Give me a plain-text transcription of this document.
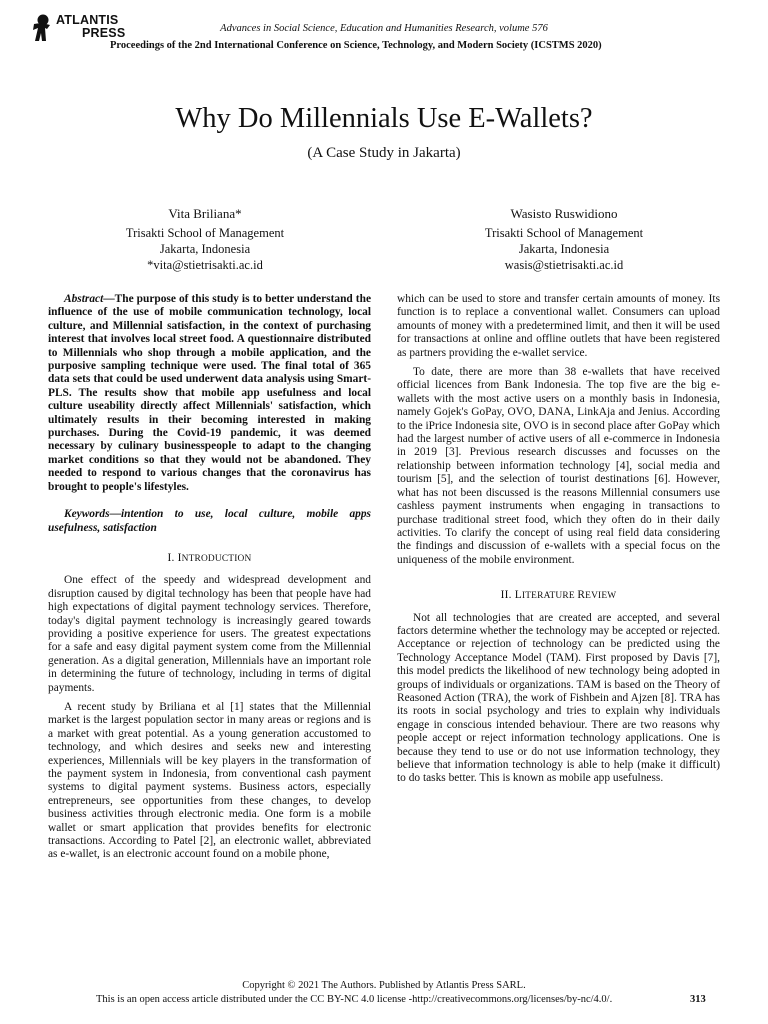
ATLANTIS
PRESS	Advances in Social Science, Education and Humanities Research, volume 576
Proceedings of the 2nd International Conference on Science, Technology, and Modern Society (ICSTMS 2020)
Why Do Millennials Use E-Wallets?
(A Case Study in Jakarta)
Vita Briliana*
Trisakti School of Management
Jakarta, Indonesia
*vita@stietrisakti.ac.id
Wasisto Ruswidiono
Trisakti School of Management
Jakarta, Indonesia
wasis@stietrisakti.ac.id

Abstract—The purpose of this study is to better understand the influence of the use of mobile communication technology, local culture, and Millennial satisfaction, in the context of purchasing interest that involves local street food. A questionnaire distributed to Millennials who shop through a mobile application, and the purposive sampling technique were used. The final total of 365 data sets that could be used underwent data analysis using Smart-PLS. The results show that mobile app usefulness and local culture useability directly affect Millennials' satisfaction, which ultimately results in their becoming interested in making purchases. During the Covid-19 pandemic, it was deemed necessary by culinary businesspeople to adapt to the changing market conditions so that they would not be abandoned. They needed to respond to various changes that the coronavirus has brought to people's lifestyles.

Keywords—intention to use, local culture, mobile apps usefulness, satisfaction

I. INTRODUCTION

One effect of the speedy and widespread development and disruption caused by digital technology has been that people have had high expectations of digital payment technology services. Therefore, today's digital payment technology is increasingly geared towards providing a positive experience for users. The greatest expectations for a safe and easy digital payment system come from the Millennial generation. As a digital generation, Millennials have an important role in determining the future of technology, including in terms of digital payments.

A recent study by Briliana et al [1] states that the Millennial market is the largest population sector in many areas or regions and is a market with great potential. As a young generation accustomed to technology, and which desires and seeks new and interesting experiences, Millennials will be key players in the transformation of the payment system in Indonesia, from conventional cash payment systems to digital payment systems. Business actors, especially entrepreneurs, see opportunities from these changes, to develop business activities through electronic media. One form is a mobile wallet or smart application that provides benefits for electronic transactions. According to Patel [2], an electronic wallet, abbreviated as e-wallet, is an electronic account found on a mobile phone,

which can be used to store and transfer certain amounts of money. Its function is to replace a conventional wallet. Consumers can upload amounts of money with a predetermined limit, and then it will be used for transactions at online and offline outlets that have been registered as partners providing the e-wallet service.

To date, there are more than 38 e-wallets that have received official licences from Bank Indonesia. The top five are the big e-wallets with the most active users on a monthly basis in Indonesia, namely Gojek's GoPay, OVO, DANA, LinkAja and Jenius. According to the iPrice Indonesia site, OVO is in second place after GoPay which had the largest number of active users of all e-commerce in Indonesia in 2019 [3]. Previous research discusses and focusses on the relationship between information technology [4], social media and tourism [5], and the selection of tourist destinations [6]. However, what has not been discussed is the reasons Millennial consumers use cashless payment instruments when engaging in transactions to purchase traditional street food, which they often do in their daily activities. To clarify the concept of using real field data considering the findings and discussion of e-wallets with a special focus on the uniqueness of the mobile environment.

II. LITERATURE REVIEW

Not all technologies that are created are accepted, and several factors determine whether the technology may be accepted or rejected. Acceptance or rejection of technology can be predicted using the Technology Acceptance Model (TAM). First proposed by Davis [7], this model predicts the likelihood of new technology being adopted in groups of individuals or organizations. TAM is based on the Theory of Reasoned Action (TRA), the work of Fishbein and Ajzen [8]. TRA has its roots in social psychology and tries to explain why individuals engage in conscious intended behaviour. There are two reasons why people accept or reject information technology applications. One is because they tend to use or do not use information technology, they believe that information technology is able to help (make it difficult) to do tasks better. This is known as mobile app usefulness.

Copyright © 2021 The Authors. Published by Atlantis Press SARL.
This is an open access article distributed under the CC BY-NC 4.0 license -http://creativecommons.org/licenses/by-nc/4.0/.	313
